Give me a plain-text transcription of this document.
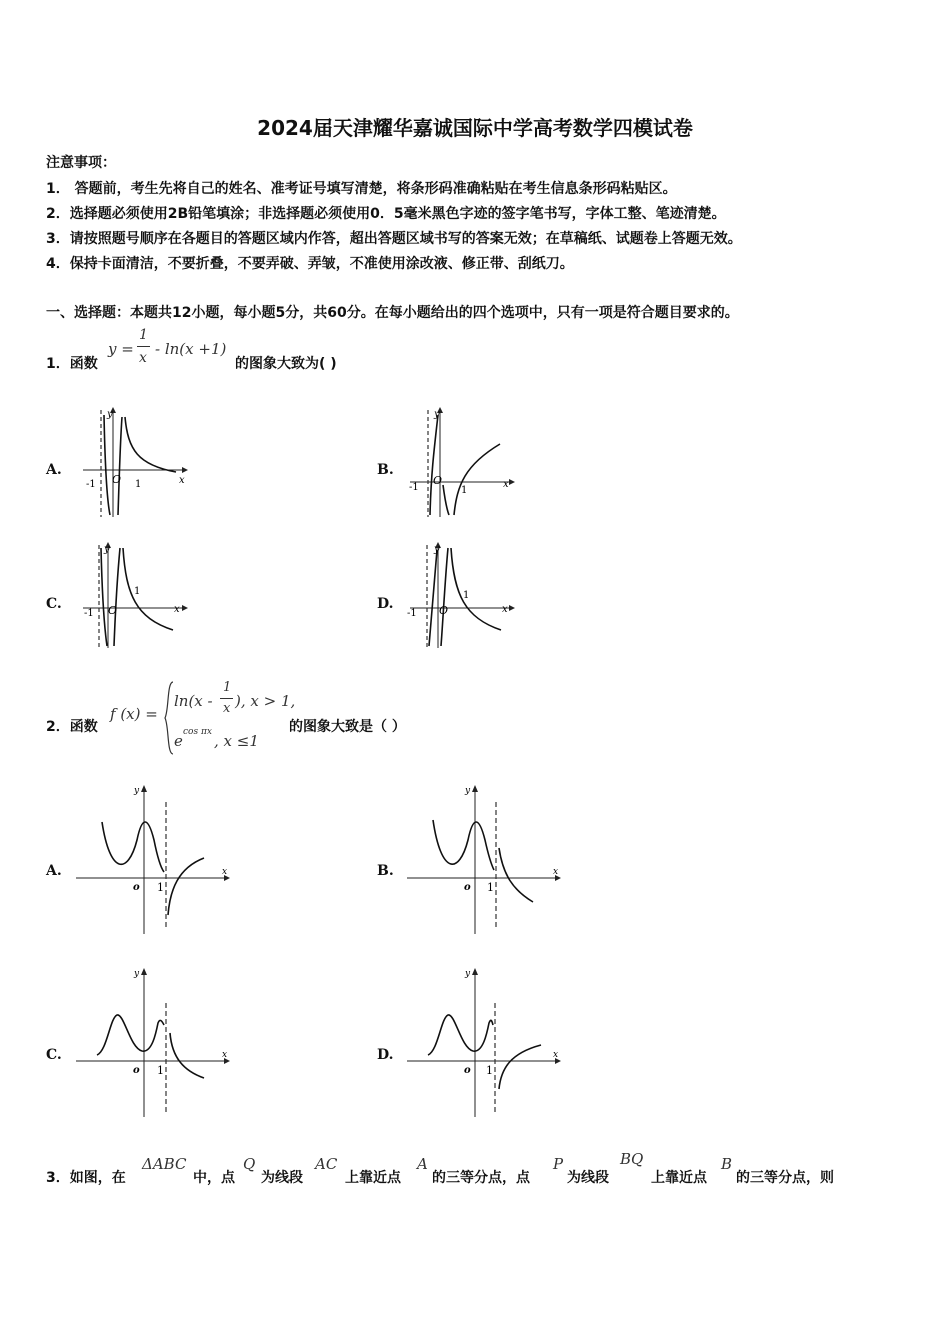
2024届天津耀华嘉诚国际中学高考数学四模试卷
注意事项：
1． 答题前，考生先将自己的姓名、准考证号填写清楚，将条形码准确粘贴在考生信息条形码粘贴区。
2．选择题必须使用2B铅笔填涂；非选择题必须使用0．5毫米黑色字迹的签字笔书写，字体工整、笔迹清楚。
3．请按照题号顺序在各题目的答题区域内作答，超出答题区域书写的答案无效；在草稿纸、试题卷上答题无效。
4．保持卡面清洁，不要折叠，不要弄破、弄皱，不准使用涂改液、修正带、刮纸刀。
一、选择题：本题共12小题，每小题5分，共60分。在每小题给出的四个选项中，只有一项是符合题目要求的。
1．函数
y =
1
x - ln(x +1)
的图象大致为( )
A.	B.
C.	D.
y
x
O
-1	1
y
x
O
-1	1
y
x
O
-1
1
y
x
O
-1
1
2．函数
f (x) =
ln(x -
1
x ), x > 1,
e cos πx , x ≤1
的图象大致是（ ）
A.	B.
C.	D.
y
x
o 1
y
x
o 1
y
x
o 1
y
x
o 1
3．如图，在
ΔABC
中，点
Q
为线段
AC
上靠近点
A
的三等分点，点
P
为线段
BQ
上靠近点
B
的三等分点，则
